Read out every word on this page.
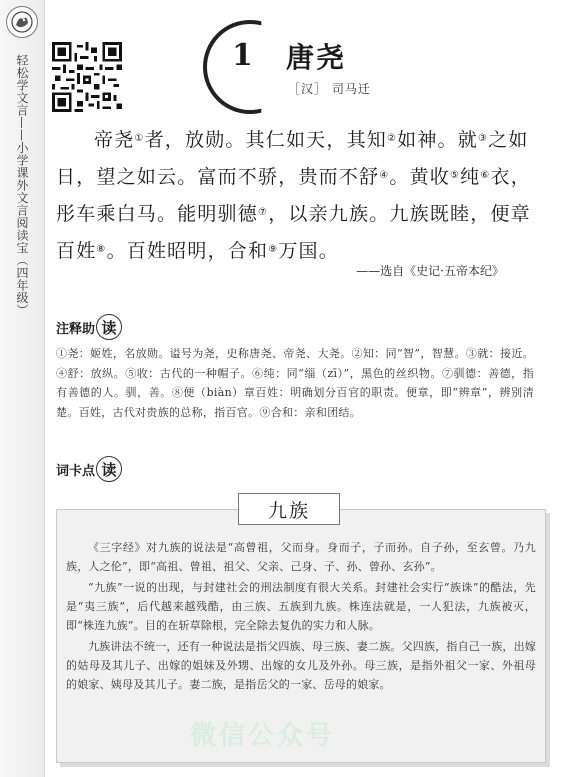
轻松学文言——小学课外文言阅读宝（四年级）	1 唐尧
［汉］ 司马迁
帝尧①者，放勋。其仁如天，其知②如神。就③之如日，望之如云。富而不骄，贵而不舒④。黄收⑤纯⑥衣，彤车乘白马。能明驯德⑦，以亲九族。九族既睦，便章百姓⑧。百姓昭明，合和⑨万国。
——选自《史记·五帝本纪》
注释助 读
①尧：姬姓，名放勋。谥号为尧，史称唐尧、帝尧、大尧。②知：同“智”，智慧。③就：接近。④舒：放纵。⑤收：古代的一种帽子。⑥纯：同“缁（zī）”，黑色的丝织物。⑦驯德：善德，指有善德的人。驯，善。⑧便（biàn）章百姓：明确划分百官的职责。便章，即“辨章”，辨别清楚。百姓，古代对贵族的总称，指百官。⑨合和：亲和团结。
词卡点 读
九族

《三字经》对九族的说法是“高曾祖，父而身。身而子，子而孙。自子孙，至玄曾。乃九族，人之伦”，即“高祖、曾祖、祖父、父亲、己身、子、孙、曾孙、玄孙”。

“九族”一说的出现，与封建社会的刑法制度有很大关系。封建社会实行“族诛”的酷法，先是“夷三族”，后代越来越残酷，由三族、五族到九族。株连法就是，一人犯法，九族被灭，即“株连九族”。目的在斩草除根，完全除去复仇的实力和人脉。

九族讲法不统一，还有一种说法是指父四族、母三族、妻二族。父四族，指自己一族，出嫁的姑母及其儿子、出嫁的姐妹及外甥、出嫁的女儿及外孙。母三族，是指外祖父一家、外祖母的娘家、姨母及其儿子。妻二族，是指岳父的一家、岳母的娘家。

微信公众号
